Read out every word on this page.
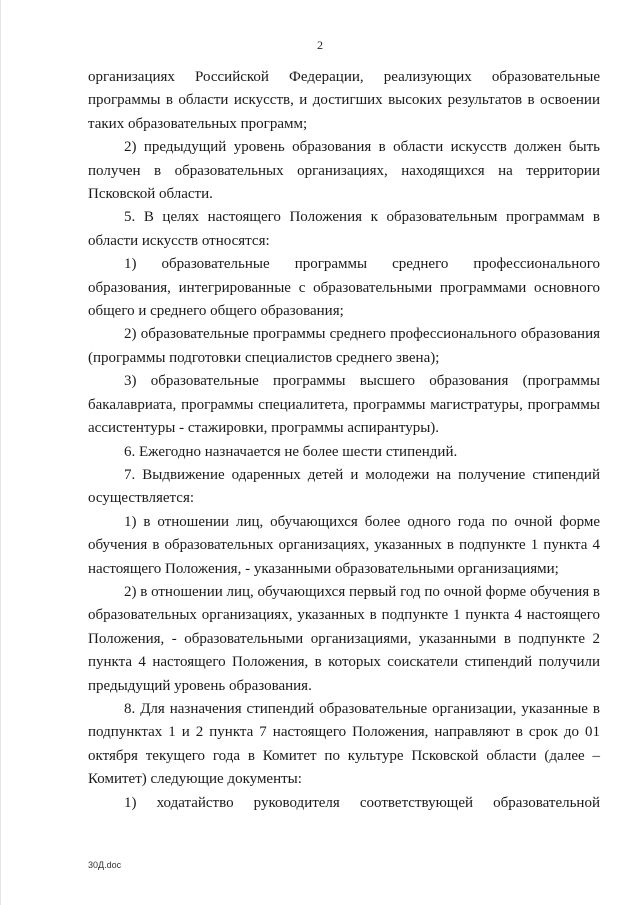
2

организациях Российской Федерации, реализующих образовательные программы в области искусств, и достигших высоких результатов в освоении таких образовательных программ;

2) предыдущий уровень образования в области искусств должен быть получен в образовательных организациях, находящихся на территории Псковской области.

5. В целях настоящего Положения к образовательным программам в области искусств относятся:

1) образовательные программы среднего профессионального образования, интегрированные с образовательными программами основного общего и среднего общего образования;

2) образовательные программы среднего профессионального образования (программы подготовки специалистов среднего звена);

3) образовательные программы высшего образования (программы бакалавриата, программы специалитета, программы магистратуры, программы ассистентуры - стажировки, программы аспирантуры).

6. Ежегодно назначается не более шести стипендий.

7. Выдвижение одаренных детей и молодежи на получение стипендий осуществляется:

1) в отношении лиц, обучающихся более одного года по очной форме обучения в образовательных организациях, указанных в подпункте 1 пункта 4 настоящего Положения, - указанными образовательными организациями;

2) в отношении лиц, обучающихся первый год по очной форме обучения в образовательных организациях, указанных в подпункте 1 пункта 4 настоящего Положения, - образовательными организациями, указанными в подпункте 2 пункта 4 настоящего Положения, в которых соискатели стипендий получили предыдущий уровень образования.

8. Для назначения стипендий образовательные организации, указанные в подпунктах 1 и 2 пункта 7 настоящего Положения, направляют в срок до 01 октября текущего года в Комитет по культуре Псковской области (далее – Комитет) следующие документы:

1) ходатайство руководителя соответствующей образовательной

30Д.doc
